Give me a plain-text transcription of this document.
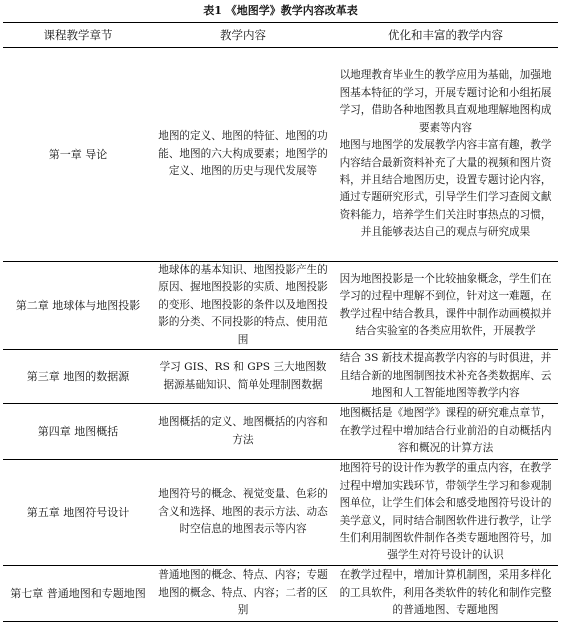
表1 《地图学》教学内容改革表
课程教学章节	教学内容	优化和丰富的教学内容
第一章 导论	地图的定义、地图的特征、地图的功能、地图的六大构成要素；地图学的定义、地图的历史与现代发展等	以地理教育毕业生的教学应用为基础，加强地图基本特征的学习，开展专题讨论和小组拓展学习，借助各种地图教具直观地理解地图构成要素等内容
地图与地图学的发展教学内容丰富有趣，教学内容结合最新资料补充了大量的视频和图片资料，并且结合地图历史，设置专题讨论内容，通过专题研究形式，引导学生们学习查阅文献资料能力，培养学生们关注时事热点的习惯，并且能够表达自己的观点与研究成果

第二章 地球体与地图投影	地球体的基本知识、地图投影产生的原因、握地图投影的实质、地图投影的变形、地图投影的条件以及地图投影的分类、不同投影的特点、使用范围	因为地图投影是一个比较抽象概念，学生们在学习的过程中理解不到位，针对这一难题，在教学过程中结合教具，课件中制作动画模拟并结合实验室的各类应用软件，开展教学
第三章 地图的数据源	学习 GIS、RS 和 GPS 三大地图数据源基础知识、简单处理制图数据	结合 3S 新技术提高教学内容的与时俱进，并且结合新的地图制图技术补充各类数据库、云地图和人工智能地图等教学内容
第四章 地图概括	地图概括的定义、地图概括的内容和方法	地图概括是《地图学》课程的研究难点章节，在教学过程中增加结合行业前沿的自动概括内容和概况的计算方法
第五章 地图符号设计	地图符号的概念、视觉变量、色彩的含义和选择、地图的表示方法、动态时空信息的地图表示等内容	地图符号的设计作为教学的重点内容，在教学过程中增加实践环节，带领学生学习和参观制图单位，让学生们体会和感受地图符号设计的美学意义，同时结合制图软件进行教学，让学生们利用制图软件制作各类专题地图符号，加强学生对符号设计的认识
第七章 普通地图和专题地图	普通地图的概念、特点、内容；专题地图的概念、特点、内容；二者的区别	在教学过程中，增加计算机制图，采用多样化的工具软件，利用各类软件的转化和制作完整的普通地图、专题地图
